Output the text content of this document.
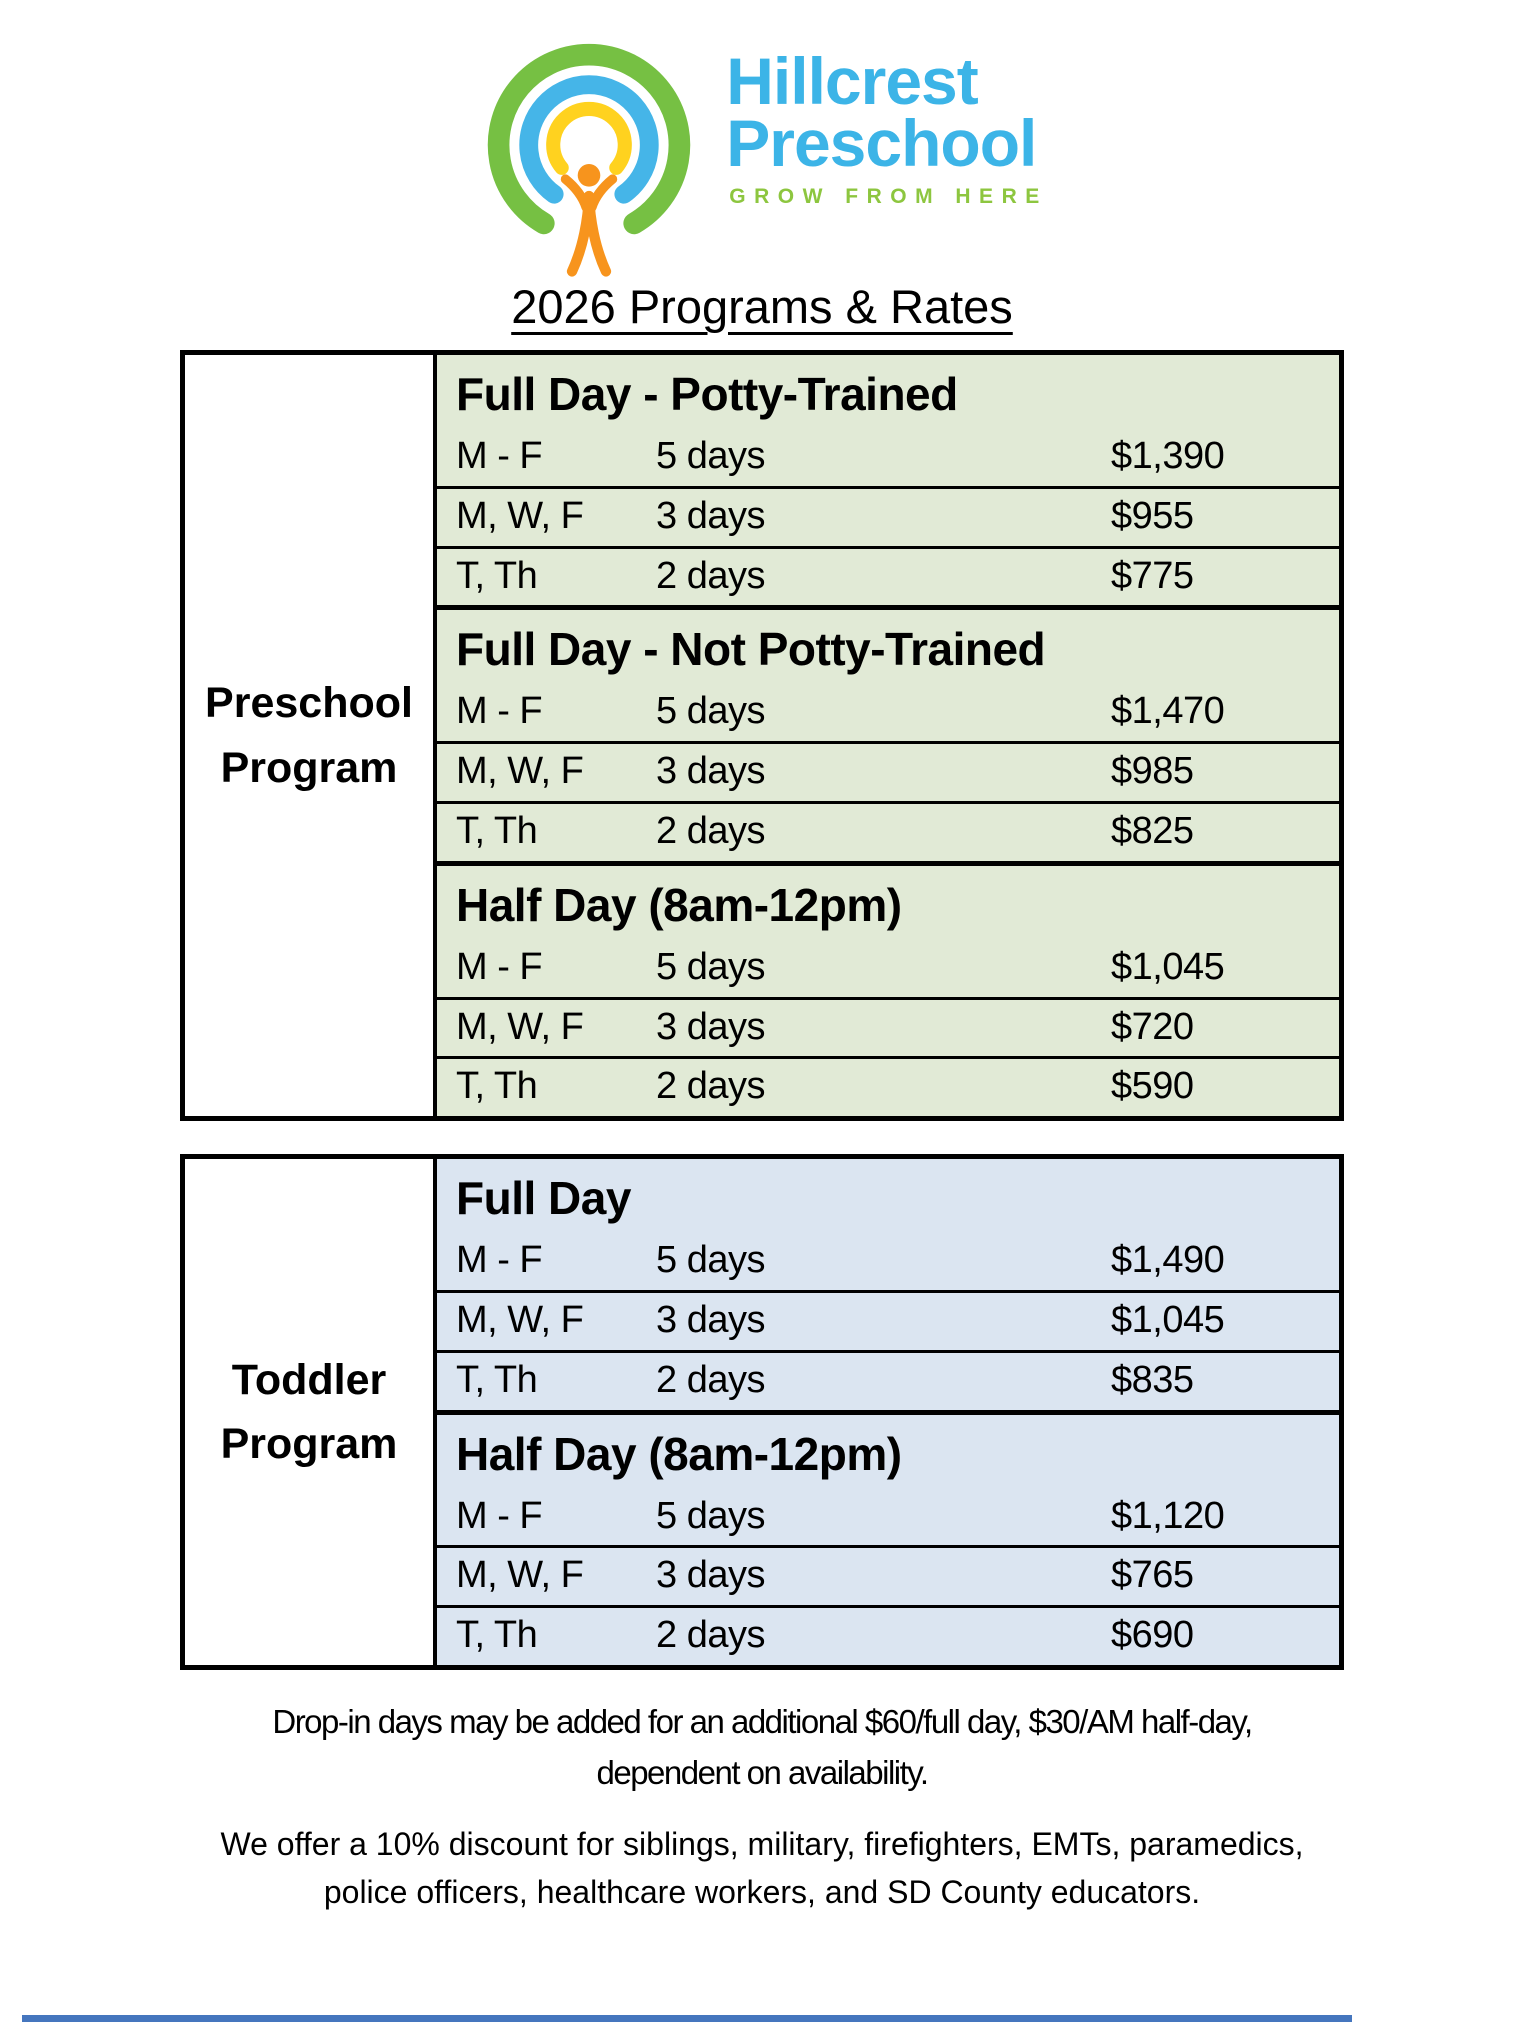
Hillcrest
Preschool
GROW FROM HERE
2026 Programs & Rates
Preschool Program
Full Day - Potty-Trained
M - F	5 days	$1,390
M, W, F	3 days	$955
T, Th	2 days	$775
Full Day - Not Potty-Trained
M - F	5 days	$1,470
M, W, F	3 days	$985
T, Th	2 days	$825
Half Day (8am-12pm)
M - F	5 days	$1,045
M, W, F	3 days	$720
T, Th	2 days	$590
Toddler Program
Full Day
M - F	5 days	$1,490
M, W, F	3 days	$1,045
T, Th	2 days	$835
Half Day (8am-12pm)
M - F	5 days	$1,120
M, W, F	3 days	$765
T, Th	2 days	$690

Drop-in days may be added for an additional $60/full day, $30/AM half-day, dependent on availability.

We offer a 10% discount for siblings, military, firefighters, EMTs, paramedics, police officers, healthcare workers, and SD County educators.
